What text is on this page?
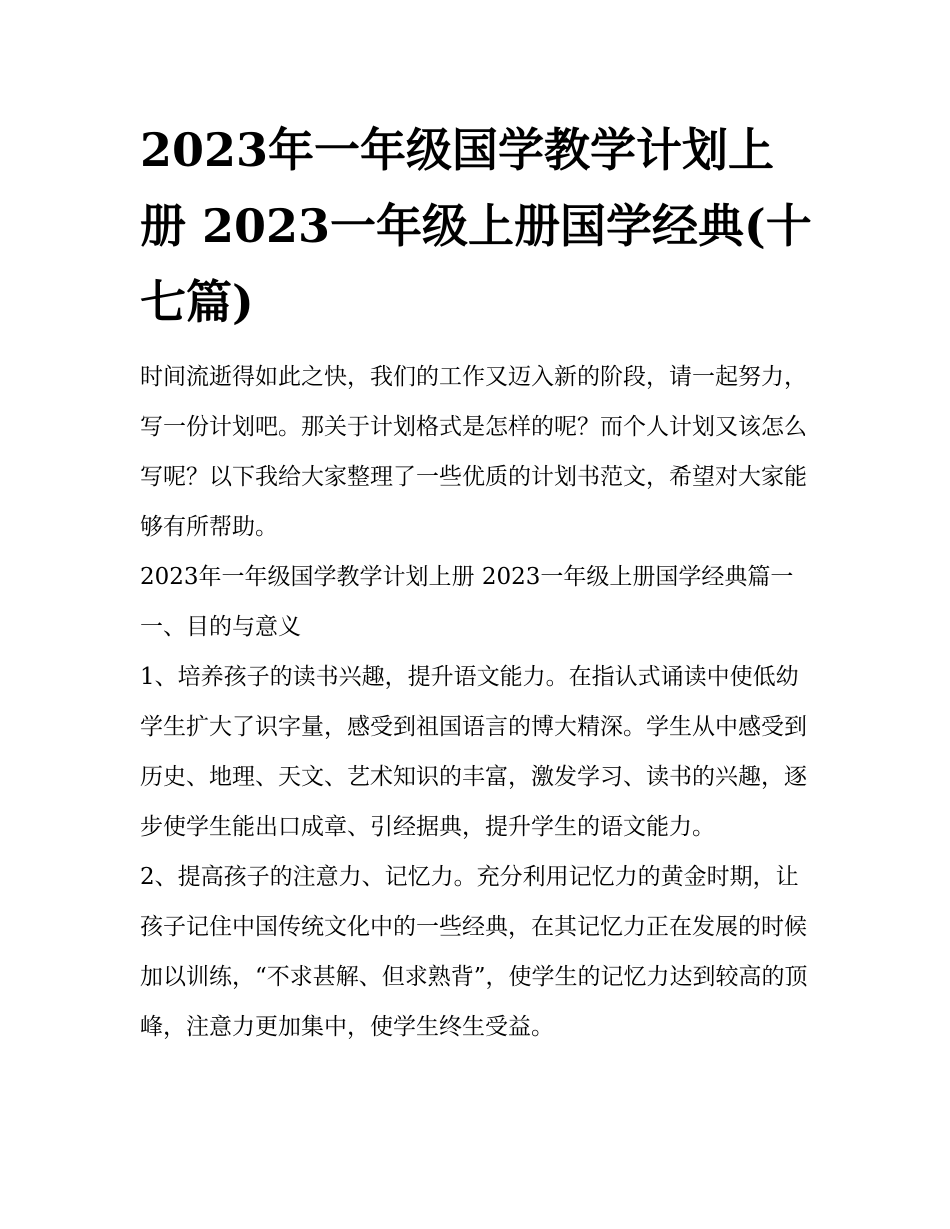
2023年一年级国学教学计划上册 2023一年级上册国学经典(十七篇)

时间流逝得如此之快，我们的工作又迈入新的阶段，请一起努力，写一份计划吧。那关于计划格式是怎样的呢？而个人计划又该怎么写呢？以下我给大家整理了一些优质的计划书范文，希望对大家能够有所帮助。

2023年一年级国学教学计划上册 2023一年级上册国学经典篇一 一、目的与意义

1、培养孩子的读书兴趣，提升语文能力。在指认式诵读中使低幼学生扩大了识字量，感受到祖国语言的博大精深。学生从中感受到历史、地理、天文、艺术知识的丰富，激发学习、读书的兴趣，逐步使学生能出口成章、引经据典，提升学生的语文能力。

2、提高孩子的注意力、记忆力。充分利用记忆力的黄金时期，让孩子记住中国传统文化中的一些经典，在其记忆力正在发展的时候加以训练，“不求甚解、但求熟背”，使学生的记忆力达到较高的顶峰，注意力更加集中，使学生终生受益。
